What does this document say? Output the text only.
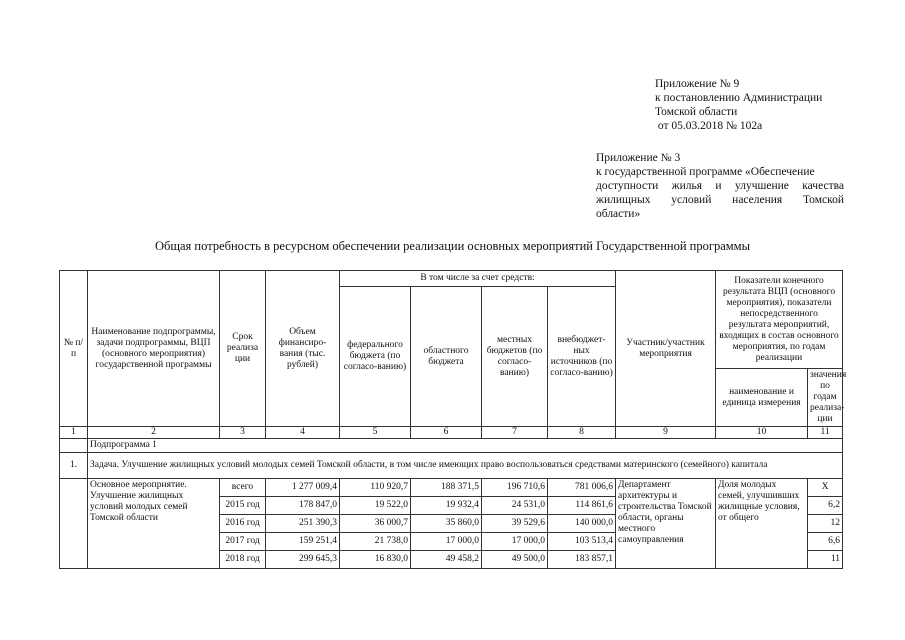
Приложение № 9
к постановлению Администрации
Томской области
от 05.03.2018 № 102а
Приложение № 3
к государственной программе «Обеспечение
доступности жилья и улучшение качества
жилищных условий населения Томской
области»
Общая потребность в ресурсном обеспечении реализации основных мероприятий Государственной программы
№ п/п	Наименование подпрограммы, задачи подпрограммы, ВЦП (основного мероприятия) государственной программы	Срок реализа ции	Объем финансиро-вания (тыс. рублей)	В том числе за счет средств:				Участник/участник мероприятия	Показатели конечного результата ВЦП (основного мероприятия), показатели непосредственного результата мероприятий, входящих в состав основного мероприятия, по годам реализации	
				федерального бюджета (по согласо-ванию)	областного бюджета	местных бюджетов (по согласо-ванию)	внебюджет-ных источников (по согласо-ванию)			
									наименование и единица измерения	значения по годам реализа-ции
1	2	3	4	5	6	7	8	9	10	11
	Подпрограмма 1									
1.	Задача. Улучшение жилищных условий молодых семей Томской области, в том числе имеющих право воспользоваться средствами материнского (семейного) капитала									
	Основное мероприятие. Улучшение жилищных условий молодых семей Томской области	всего	1 277 009,4	110 920,7	188 371,5	196 710,6	781 006,6	Департамент архитектуры и строительства Томской области, органы местного самоуправления	Доля молодых семей, улучшивших жилищные условия, от общего	Х
		2015 год	178 847,0	19 522,0	19 932,4	24 531,0	114 861,6			6,2
		2016 год	251 390,3	36 000,7	35 860,0	39 529,6	140 000,0			12
		2017 год	159 251,4	21 738,0	17 000,0	17 000,0	103 513,4			6,6
		2018 год	299 645,3	16 830,0	49 458,2	49 500,0	183 857,1			11
